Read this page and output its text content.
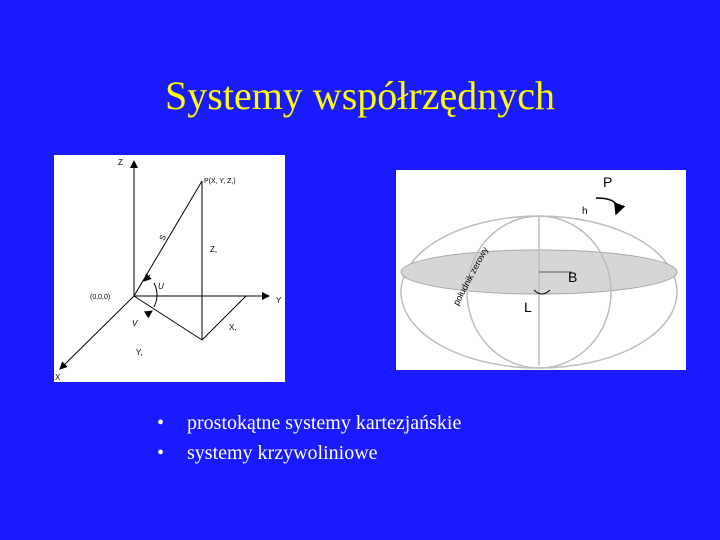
Systemy współrzędnych
Z
Y
X
P(X, Y, Z,)
S
Z,
U
(0,0,0)
V	X,
Y,
P
h
południk zerowy	B
L
•	prostokątne systemy kartezjańskie
•	systemy krzywoliniowe
